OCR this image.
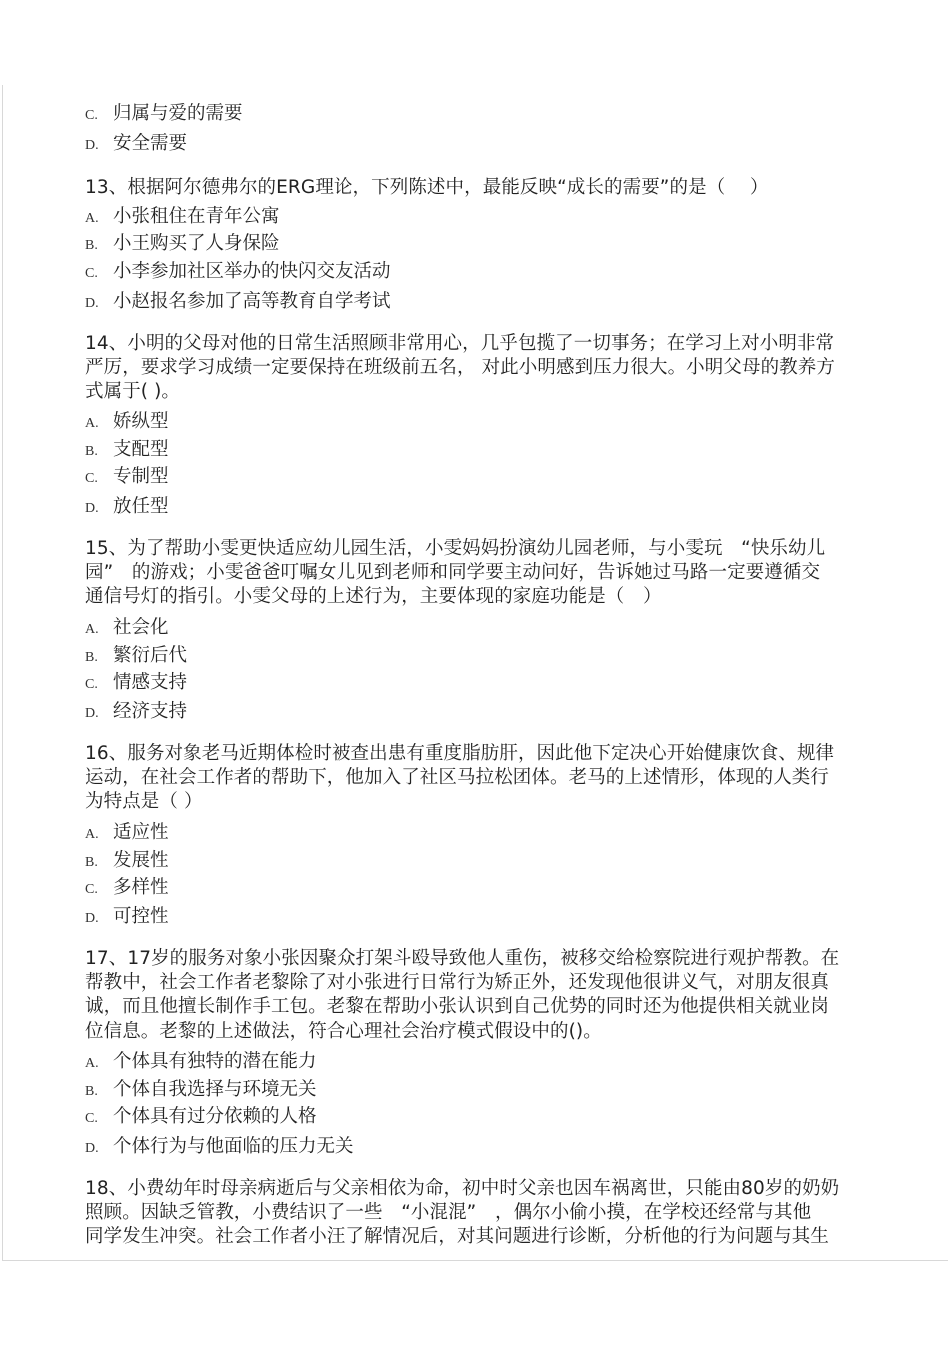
C. 归属与爱的需要
D. 安全需要
13、根据阿尔德弗尔的ERG理论，下列陈述中，最能反映“成长的需要”的是（　 ）
A. 小张租住在青年公寓
B. 小王购买了人身保险
C. 小李参加社区举办的快闪交友活动
D. 小赵报名参加了高等教育自学考试
14、小明的父母对他的日常生活照顾非常用心，几乎包揽了一切事务；在学习上对小明非常
严厉，要求学习成绩一定要保持在班级前五名， 对此小明感到压力很大。小明父母的教养方
式属于( )。
A. 娇纵型
B. 支配型
C. 专制型
D. 放任型
15、为了帮助小雯更快适应幼儿园生活，小雯妈妈扮演幼儿园老师，与小雯玩　“快乐幼儿
园”　的游戏；小雯爸爸叮嘱女儿见到老师和同学要主动问好，告诉她过马路一定要遵循交
通信号灯的指引。小雯父母的上述行为，主要体现的家庭功能是（　）
A. 社会化
B. 繁衍后代
C. 情感支持
D. 经济支持
16、服务对象老马近期体检时被查出患有重度脂肪肝，因此他下定决心开始健康饮食、规律
运动，在社会工作者的帮助下，他加入了社区马拉松团体。老马的上述情形，体现的人类行
为特点是（ ）
A. 适应性
B. 发展性
C. 多样性
D. 可控性
17、17岁的服务对象小张因聚众打架斗殴导致他人重伤，被移交给检察院进行观护帮教。在
帮教中，社会工作者老黎除了对小张进行日常行为矫正外，还发现他很讲义气，对朋友很真
诚，而且他擅长制作手工包。老黎在帮助小张认识到自己优势的同时还为他提供相关就业岗
位信息。老黎的上述做法，符合心理社会治疗模式假设中的()。
A. 个体具有独特的潜在能力
B. 个体自我选择与环境无关
C. 个体具有过分依赖的人格
D. 个体行为与他面临的压力无关
18、小费幼年时母亲病逝后与父亲相依为命，初中时父亲也因车祸离世，只能由80岁的奶奶
照顾。因缺乏管教，小费结识了一些　“小混混”　，偶尔小偷小摸，在学校还经常与其他
同学发生冲突。社会工作者小汪了解情况后，对其问题进行诊断，分析他的行为问题与其生
